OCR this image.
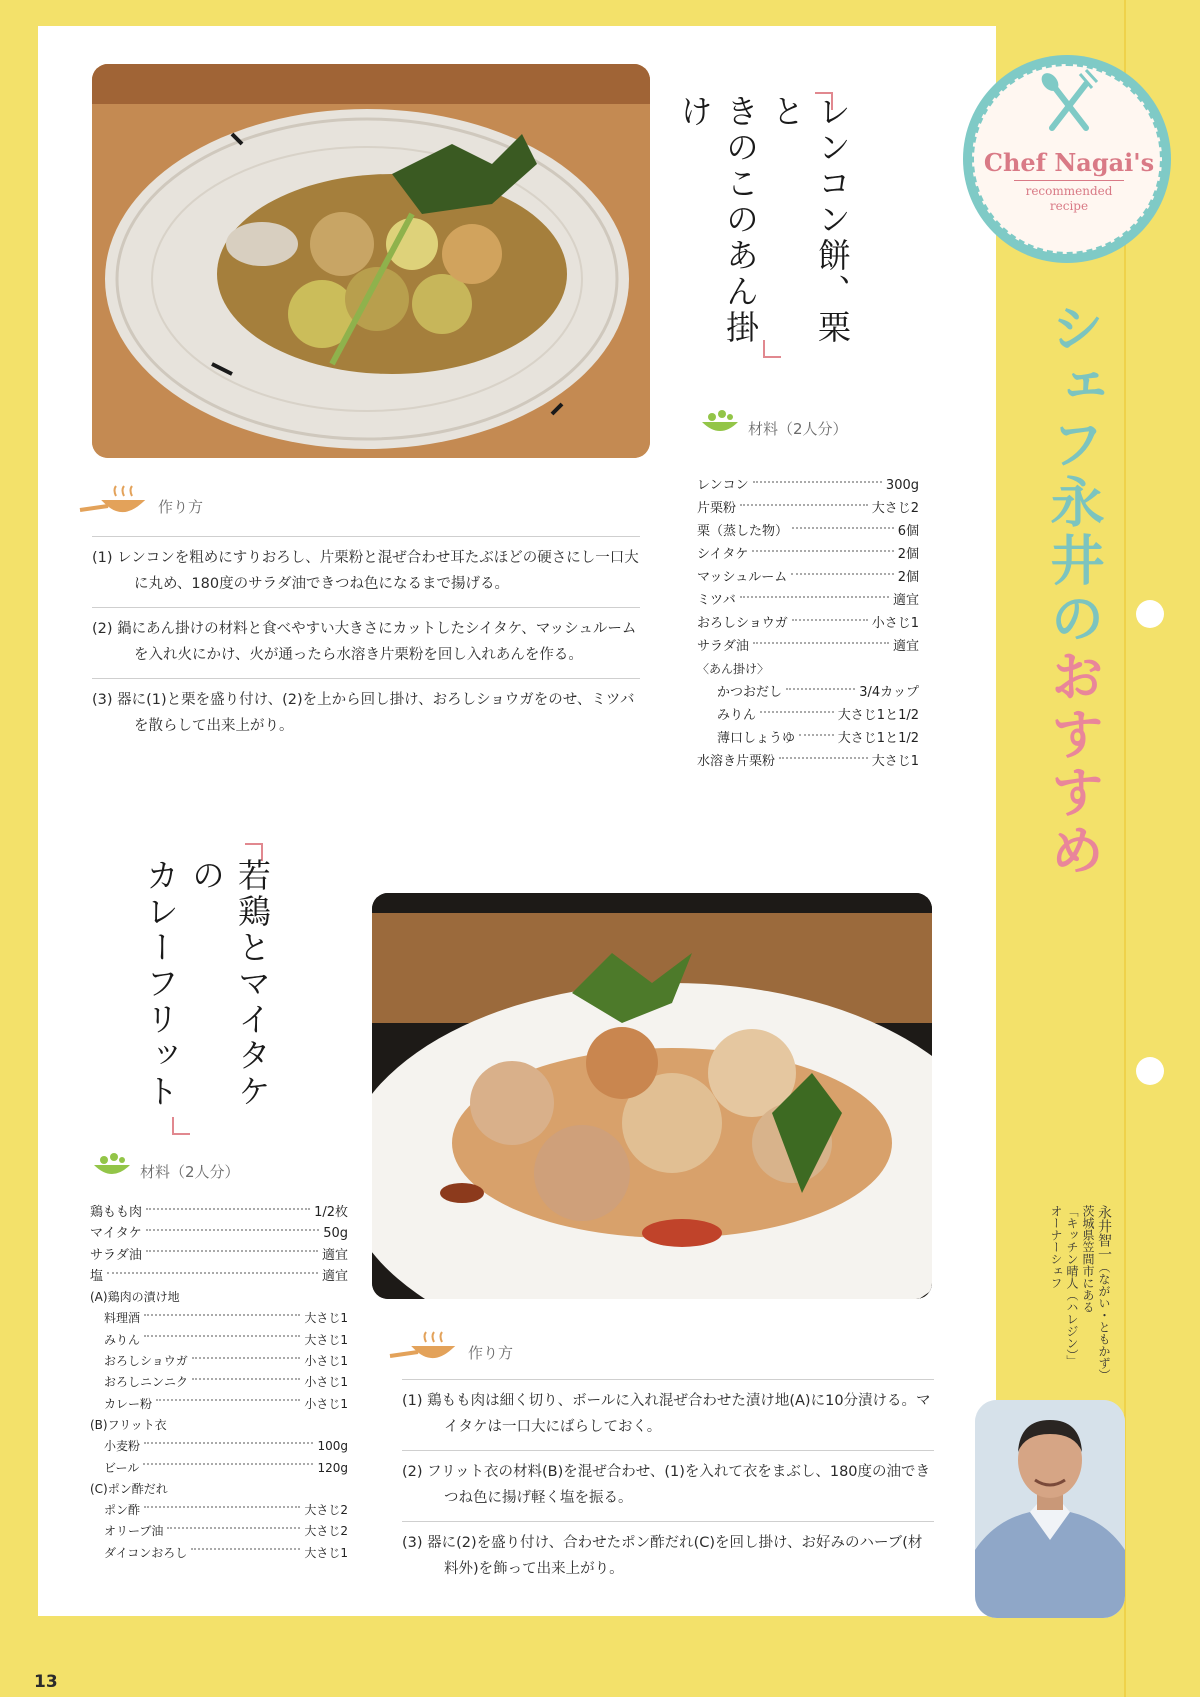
Chef Nagai's
recommended
recipe
シェフ永井のおすすめ
永井智一（ながい・ともかず）
茨城県笠間市にある
「キッチン晴人（ハレジン）」
オーナーシェフ
レンコン餅、栗と
きのこのあん掛け
材料（2人分）
レンコン	300g
片栗粉	大さじ2
栗（蒸した物）	6個
シイタケ	2個
マッシュルーム	2個
ミツバ	適宜
おろしショウガ	小さじ1
サラダ油	適宜
〈あん掛け〉
かつおだし	3/4カップ
みりん	大さじ1と1/2
薄口しょうゆ	大さじ1と1/2
水溶き片栗粉	大さじ1
作り方
(1) レンコンを粗めにすりおろし、片栗粉と混ぜ合わせ耳たぶほどの硬さにし一口大に丸め、180度のサラダ油できつね色になるまで揚げる。
(2) 鍋にあん掛けの材料と食べやすい大きさにカットしたシイタケ、マッシュルームを入れ火にかけ、火が通ったら水溶き片栗粉を回し入れあんを作る。
(3) 器に(1)と栗を盛り付け、(2)を上から回し掛け、おろしショウガをのせ、ミツバを散らして出来上がり。
若鶏とマイタケの
カレーフリット
材料（2人分）
鶏もも肉	1/2枚
マイタケ	50g
サラダ油	適宜
塩	適宜
(A)鶏肉の漬け地
料理酒	大さじ1
みりん	大さじ1
おろしショウガ	小さじ1
おろしニンニク	小さじ1
カレー粉	小さじ1
(B)フリット衣
小麦粉	100g
ビール	120g
(C)ポン酢だれ
ポン酢	大さじ2
オリーブ油	大さじ2
ダイコンおろし	大さじ1
作り方
(1) 鶏もも肉は細く切り、ボールに入れ混ぜ合わせた漬け地(A)に10分漬ける。マイタケは一口大にばらしておく。
(2) フリット衣の材料(B)を混ぜ合わせ、(1)を入れて衣をまぶし、180度の油できつね色に揚げ軽く塩を振る。
(3) 器に(2)を盛り付け、合わせたポン酢だれ(C)を回し掛け、お好みのハーブ(材料外)を飾って出来上がり。
13
